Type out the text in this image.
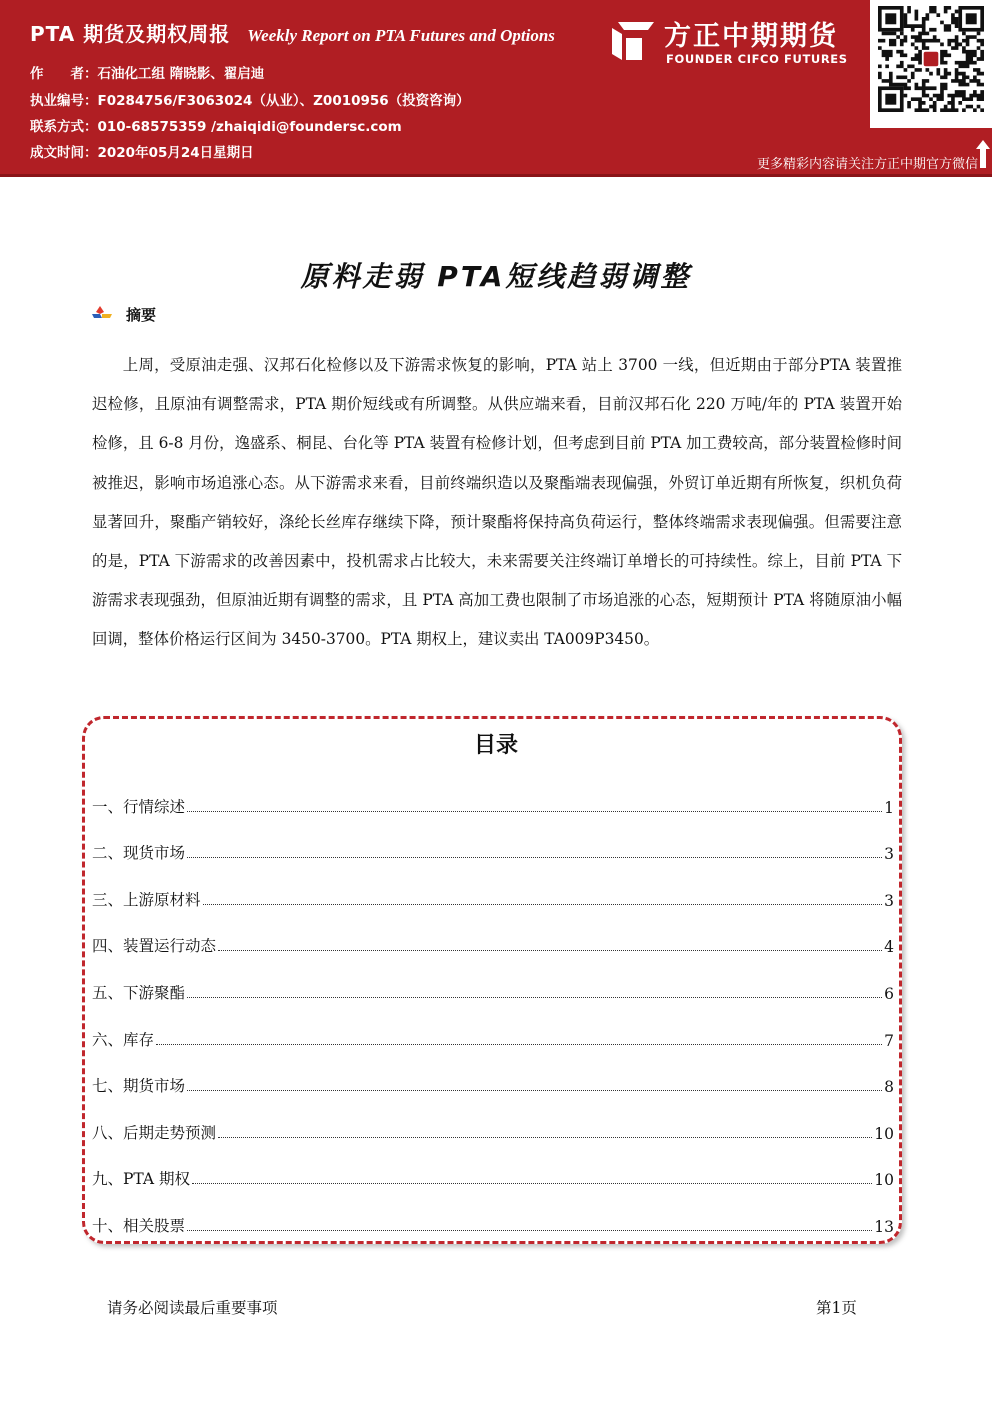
PTA 期货及期权周报 Weekly Report on PTA Futures and Options
作　　者：石油化工组 隋晓影、翟启迪
执业编号：F0284756/F3063024（从业）、Z0010956（投资咨询）
联系方式：010-68575359 /zhaiqidi@foundersc.com
成文时间：2020年05月24日星期日
方正中期期货
FOUNDER CIFCO FUTURES
更多精彩内容请关注方正中期官方微信
原料走弱 PTA短线趋弱调整
摘要
上周，受原油走强、汉邦石化检修以及下游需求恢复的影响，PTA 站上 3700 一线，但近期由于部分PTA 装置推迟检修，且原油有调整需求，PTA 期价短线或有所调整。从供应端来看，目前汉邦石化 220 万吨/年的 PTA 装置开始检修，且 6-8 月份，逸盛系、桐昆、台化等 PTA 装置有检修计划，但考虑到目前 PTA 加工费较高，部分装置检修时间被推迟，影响市场追涨心态。从下游需求来看，目前终端织造以及聚酯端表现偏强，外贸订单近期有所恢复，织机负荷显著回升，聚酯产销较好，涤纶长丝库存继续下降，预计聚酯将保持高负荷运行，整体终端需求表现偏强。但需要注意的是，PTA 下游需求的改善因素中，投机需求占比较大，未来需要关注终端订单增长的可持续性。综上，目前 PTA 下游需求表现强劲，但原油近期有调整的需求，且 PTA 高加工费也限制了市场追涨的心态，短期预计 PTA 将随原油小幅回调，整体价格运行区间为 3450-3700。PTA 期权上，建议卖出 TA009P3450。
目录
一、行情综述	1
二、现货市场	3
三、上游原材料	3
四、装置运行动态	4
五、下游聚酯	6
六、库存	7
七、期货市场	8
八、后期走势预测	10
九、PTA 期权	10
十、相关股票	13
请务必阅读最后重要事项	第1页
